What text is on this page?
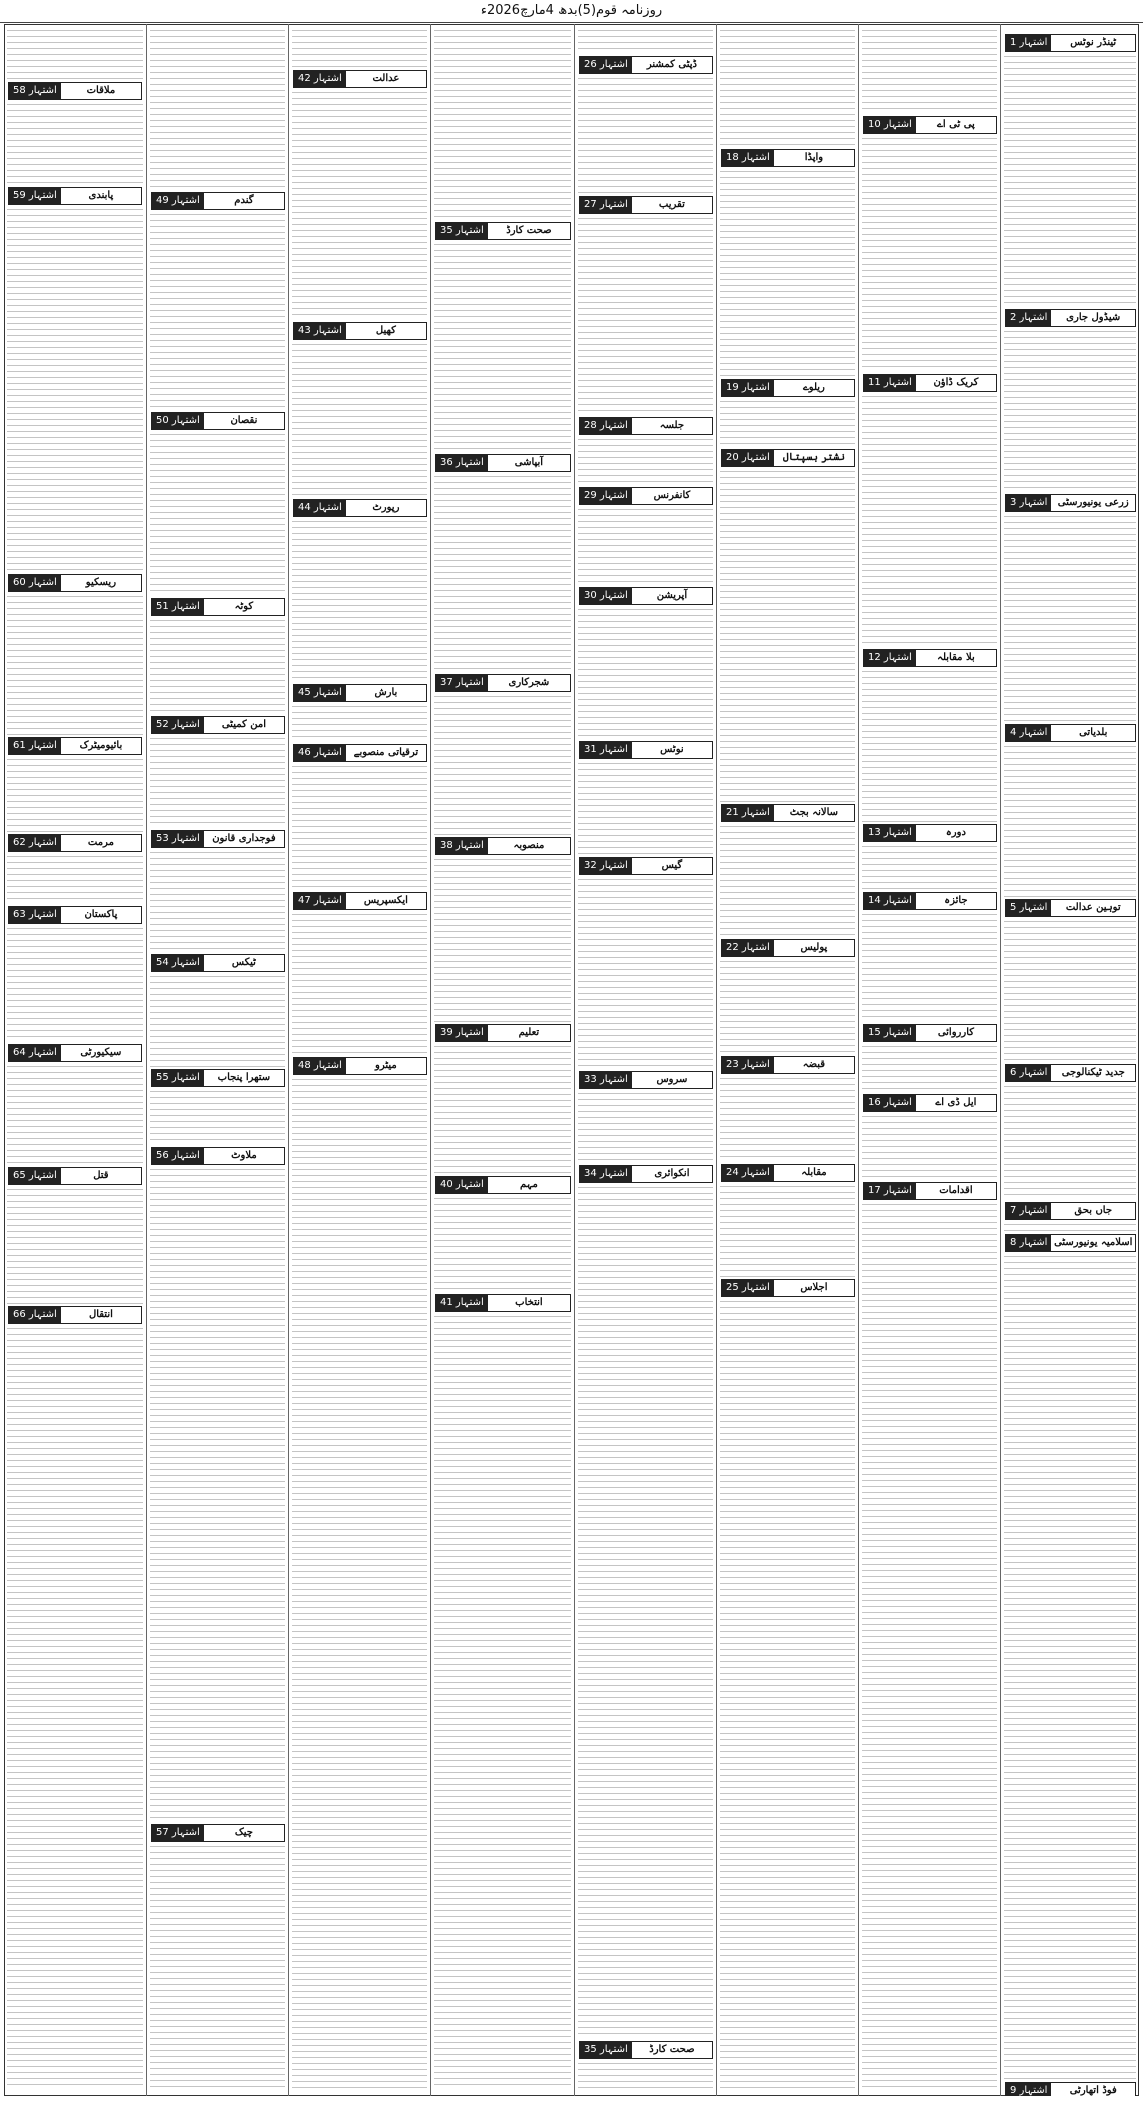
روزنامہ قوم(5)بدھ 4مارچ2026ء
ٹینڈر نوٹس
اشتہار 1
شیڈول جاری
اشتہار 2
زرعی یونیورسٹی
اشتہار 3
بلدیاتی
اشتہار 4
توہین عدالت
اشتہار 5
جدید ٹیکنالوجی
اشتہار 6
جاں بحق
اشتہار 7
اسلامیہ یونیورسٹی
اشتہار 8
فوڈ اتھارٹی
اشتہار 9
پی ٹی اے
اشتہار 10
کریک ڈاؤن
اشتہار 11
بلا مقابلہ
اشتہار 12
دورہ
اشتہار 13
جائزہ
اشتہار 14
کارروائی
اشتہار 15
ایل ڈی اے
اشتہار 16
اقدامات
اشتہار 17
واپڈا
اشتہار 18
ریلوے
اشتہار 19
نشتر ہسپتال
اشتہار 20
سالانہ بجٹ
اشتہار 21
پولیس
اشتہار 22
قبضہ
اشتہار 23
مقابلہ
اشتہار 24
اجلاس
اشتہار 25
ڈپٹی کمشنر
اشتہار 26
تقریب
اشتہار 27
جلسہ
اشتہار 28
کانفرنس
اشتہار 29
آپریشن
اشتہار 30
نوٹس
اشتہار 31
گیس
اشتہار 32
سروس
اشتہار 33
انکوائری
اشتہار 34
صحت کارڈ
اشتہار 35
صحت کارڈ
اشتہار 35
آبپاشی
اشتہار 36
شجرکاری
اشتہار 37
منصوبہ
اشتہار 38
تعلیم
اشتہار 39
مہم
اشتہار 40
انتخاب
اشتہار 41
عدالت
اشتہار 42
کھیل
اشتہار 43
رپورٹ
اشتہار 44
بارش
اشتہار 45
ترقیاتی منصوبے
اشتہار 46
ایکسپریس
اشتہار 47
میٹرو
اشتہار 48
گندم
اشتہار 49
نقصان
اشتہار 50
کوٹہ
اشتہار 51
امن کمیٹی
اشتہار 52
فوجداری قانون
اشتہار 53
ٹیکس
اشتہار 54
ستھرا پنجاب
اشتہار 55
ملاوٹ
اشتہار 56
چیک
اشتہار 57
ملاقات
اشتہار 58
پابندی
اشتہار 59
ریسکیو
اشتہار 60
بائیومیٹرک
اشتہار 61
مرمت
اشتہار 62
پاکستان
اشتہار 63
سیکیورٹی
اشتہار 64
قتل
اشتہار 65
انتقال
اشتہار 66
